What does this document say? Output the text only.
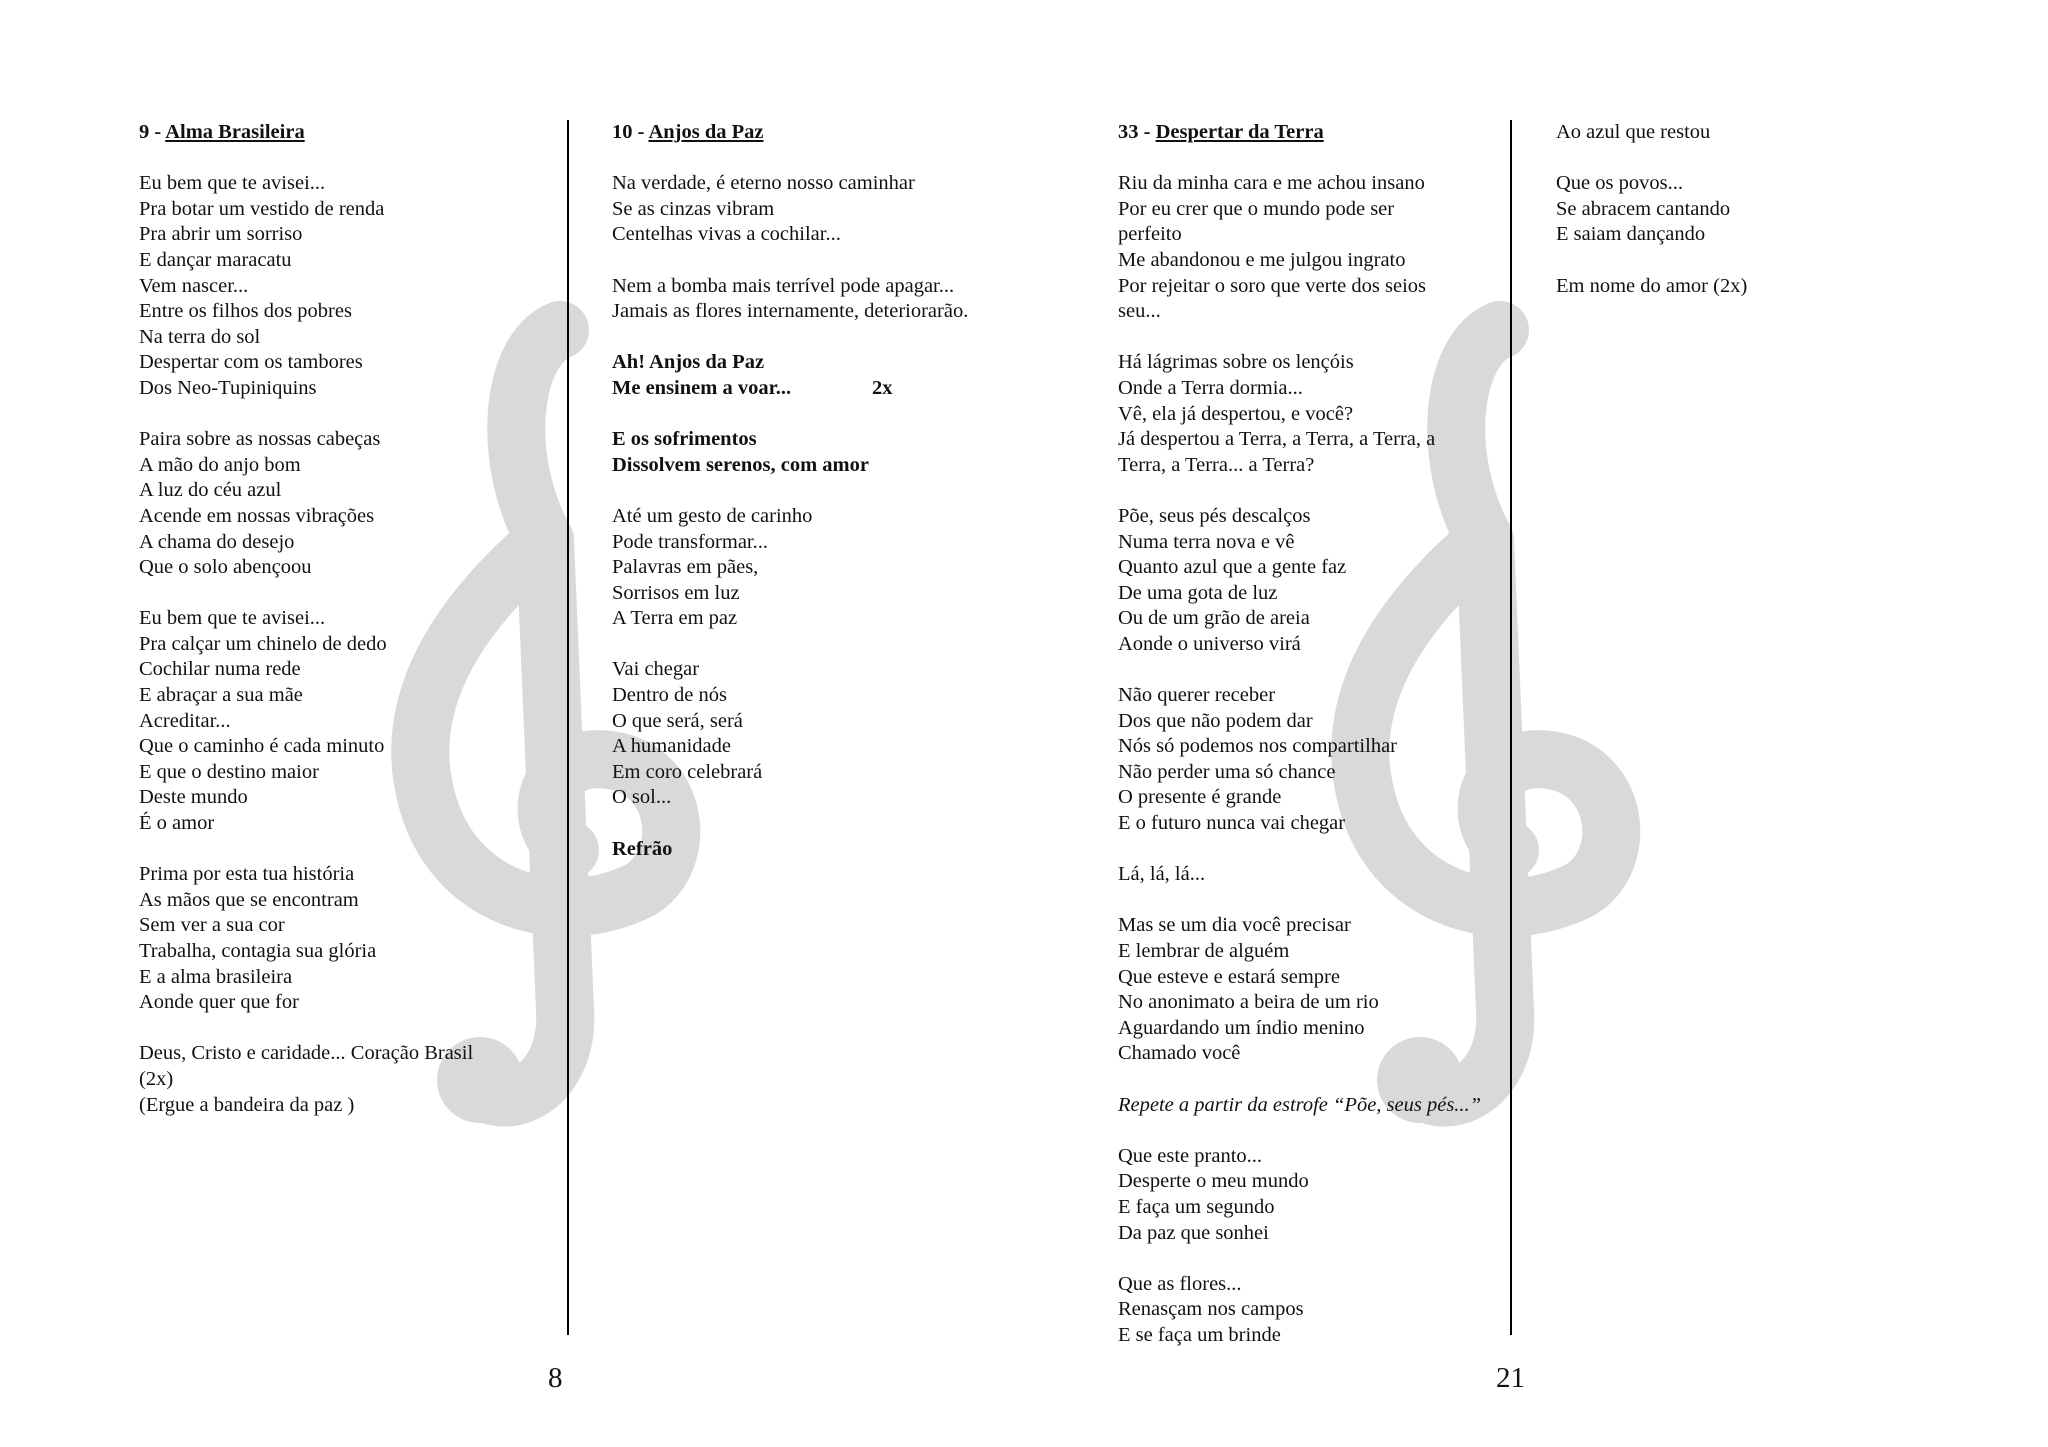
9 - Alma Brasileira
Eu bem que te avisei...
Pra botar um vestido de renda
Pra abrir um sorriso
E dançar maracatu
Vem nascer...
Entre os filhos dos pobres
Na terra do sol
Despertar com os tambores
Dos Neo-Tupiniquins
Paira sobre as nossas cabeças
A mão do anjo bom
A luz do céu azul
Acende em nossas vibrações
A chama do desejo
Que o solo abençoou
Eu bem que te avisei...
Pra calçar um chinelo de dedo
Cochilar numa rede
E abraçar a sua mãe
Acreditar...
Que o caminho é cada minuto
E que o destino maior
Deste mundo
É o amor
Prima por esta tua história
As mãos que se encontram
Sem ver a sua cor
Trabalha, contagia sua glória
E a alma brasileira
Aonde quer que for
Deus, Cristo e caridade... Coração Brasil
(2x)
(Ergue a bandeira da paz )
10 - Anjos da Paz
Na verdade, é eterno nosso caminhar
Se as cinzas vibram
Centelhas vivas a cochilar...
Nem a bomba mais terrível pode apagar...
Jamais as flores internamente, deteriorarão.
Ah! Anjos da Paz
Me ensinem a voar...	2x
E os sofrimentos
Dissolvem serenos, com amor
Até um gesto de carinho
Pode transformar...
Palavras em pães,
Sorrisos em luz
A Terra em paz
Vai chegar
Dentro de nós
O que será, será
A humanidade
Em coro celebrará
O sol...
Refrão
33 - Despertar da Terra
Riu da minha cara e me achou insano
Por eu crer que o mundo pode ser
perfeito
Me abandonou e me julgou ingrato
Por rejeitar o soro que verte dos seios
seu...
Há lágrimas sobre os lençóis
Onde a Terra dormia...
Vê, ela já despertou, e você?
Já despertou a Terra, a Terra, a Terra, a
Terra, a Terra... a Terra?
Põe, seus pés descalços
Numa terra nova e vê
Quanto azul que a gente faz
De uma gota de luz
Ou de um grão de areia
Aonde o universo virá
Não querer receber
Dos que não podem dar
Nós só podemos nos compartilhar
Não perder uma só chance
O presente é grande
E o futuro nunca vai chegar
Lá, lá, lá...
Mas se um dia você precisar
E lembrar de alguém
Que esteve e estará sempre
No anonimato a beira de um rio
Aguardando um índio menino
Chamado você
Repete a partir da estrofe “Põe, seus pés...”
Que este pranto...
Desperte o meu mundo
E faça um segundo
Da paz que sonhei
Que as flores...
Renasçam nos campos
E se faça um brinde
Ao azul que restou
Que os povos...
Se abracem cantando
E saiam dançando
Em nome do amor (2x)
8	21
